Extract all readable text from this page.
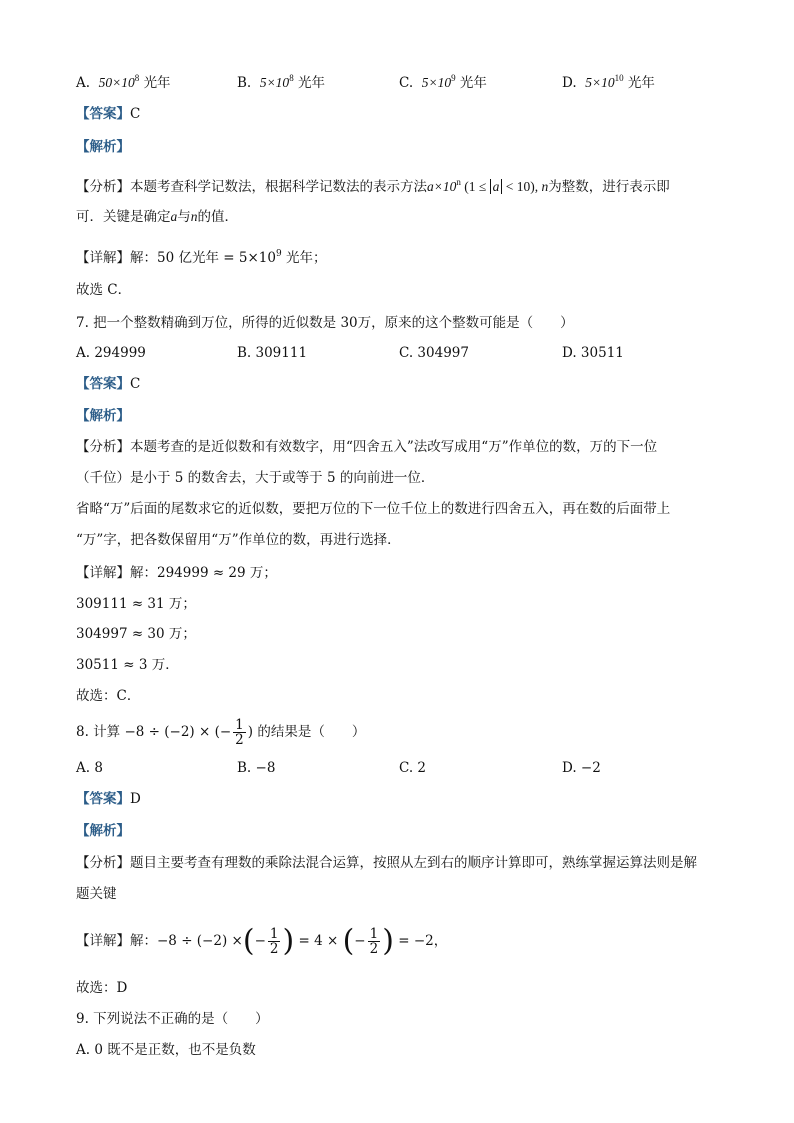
A. $50\times 10^8$ 光年	B. $5\times 10^8$ 光年	C. $5\times 10^9$ 光年	D. $5\times 10^{10}$ 光年
【答案】C
【解析】
【分析】本题考查科学记数法，根据科学记数法的表示方法$a\times 10^n$ (1 ≤ a < 10), n为整数，进行表示即
可．关键是确定a与n的值．
【详解】解：50 亿光年 = $5\times 10^9$ 光年；
故选 C．
7. 把一个整数精确到万位，所得的近似数是 30万，原来的这个整数可能是（　　）
A. 294999	B. 309111	C. 304997	D. 30511
【答案】C
【解析】
【分析】本题考查的是近似数和有效数字，用“四舍五入”法改写成用“万”作单位的数，万的下一位
（千位）是小于 5 的数舍去，大于或等于 5 的向前进一位．
省略“万”后面的尾数求它的近似数，要把万位的下一位千位上的数进行四舍五入，再在数的后面带上
“万”字，把各数保留用“万”作单位的数，再进行选择．
【详解】解：294999 ≈ 29 万；
309111 ≈ 31 万；
304997 ≈ 30 万；
30511 ≈ 3 万．
故选：C．
8. 计算 −8 ÷ (−2) × (− $\frac{1}{2}$ ) 的结果是（　　）
A. 8	B. −8	C. 2	D. −2
【答案】D
【解析】
【分析】题目主要考查有理数的乘除法混合运算，按照从左到右的顺序计算即可，熟练掌握运算法则是解
题关键
【详解】解：−8 ÷ (−2) ×(− $\frac{1}{2}$ ) = 4 × (− $\frac{1}{2}$ ) = −2，
故选：D
9. 下列说法不正确的是（　　）
A. 0 既不是正数，也不是负数
